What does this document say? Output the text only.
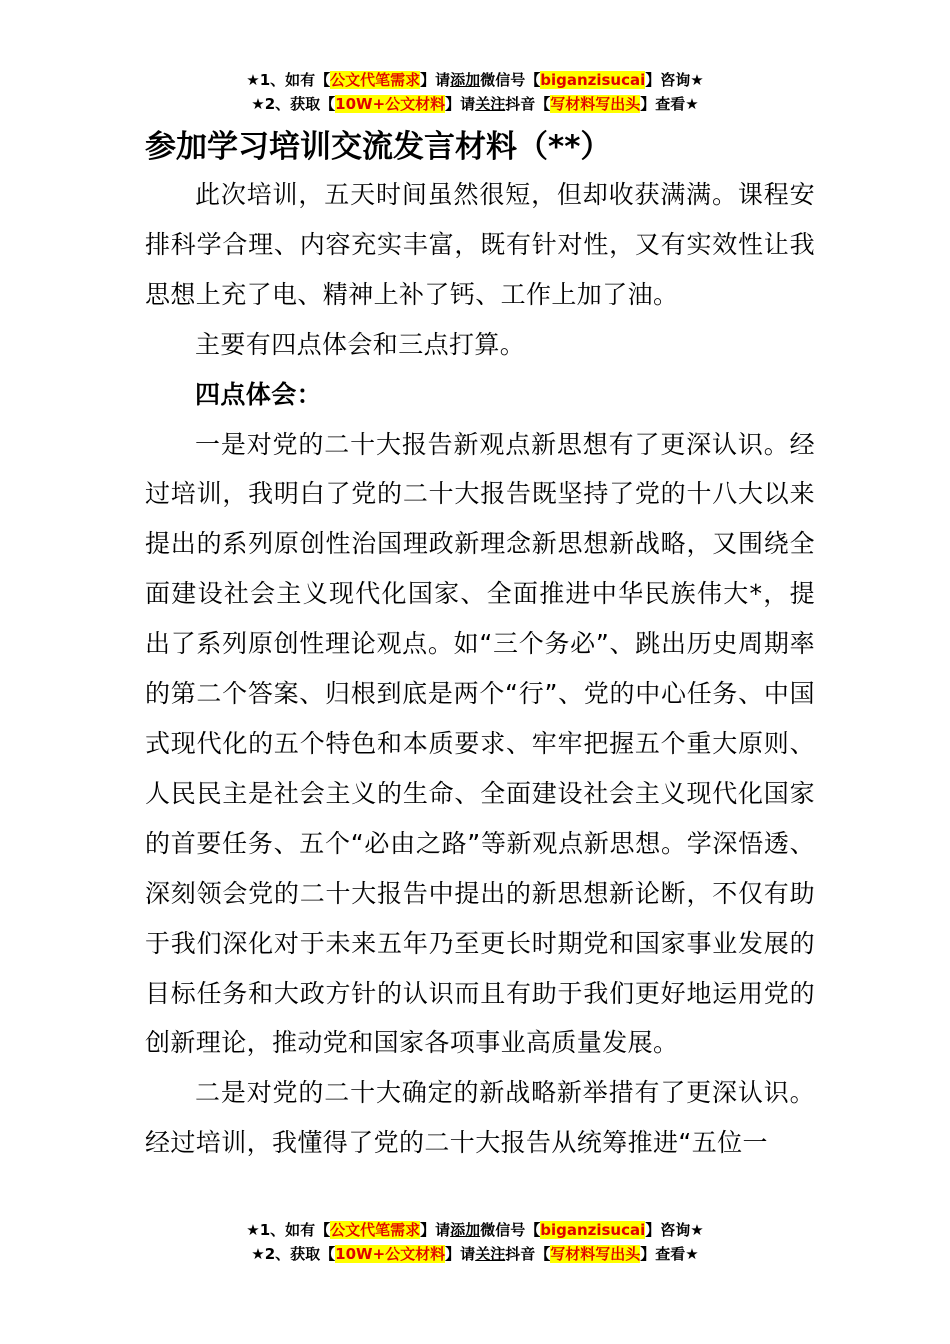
★1、如有【公文代笔需求】请添加微信号【biganzisucai】咨询★
★2、获取【10W+公文材料】请关注抖音【写材料写出头】查看★
参加学习培训交流发言材料（**）

此次培训，五天时间虽然很短，但却收获满满。课程安排科学合理、内容充实丰富，既有针对性，又有实效性让我思想上充了电、精神上补了钙、工作上加了油。

主要有四点体会和三点打算。

四点体会：

一是对党的二十大报告新观点新思想有了更深认识。经过培训，我明白了党的二十大报告既坚持了党的十八大以来提出的系列原创性治国理政新理念新思想新战略，又围绕全面建设社会主义现代化国家、全面推进中华民族伟大*，提出了系列原创性理论观点。如“三个务必”、跳出历史周期率的第二个答案、归根到底是两个“行”、党的中心任务、中国式现代化的五个特色和本质要求、牢牢把握五个重大原则、人民民主是社会主义的生命、全面建设社会主义现代化国家的首要任务、五个“必由之路”等新观点新思想。学深悟透、深刻领会党的二十大报告中提出的新思想新论断，不仅有助于我们深化对于未来五年乃至更长时期党和国家事业发展的目标任务和大政方针的认识而且有助于我们更好地运用党的创新理论，推动党和国家各项事业高质量发展。

二是对党的二十大确定的新战略新举措有了更深认识。经过培训，我懂得了党的二十大报告从统筹推进“五位一

★1、如有【公文代笔需求】请添加微信号【biganzisucai】咨询★
★2、获取【10W+公文材料】请关注抖音【写材料写出头】查看★
